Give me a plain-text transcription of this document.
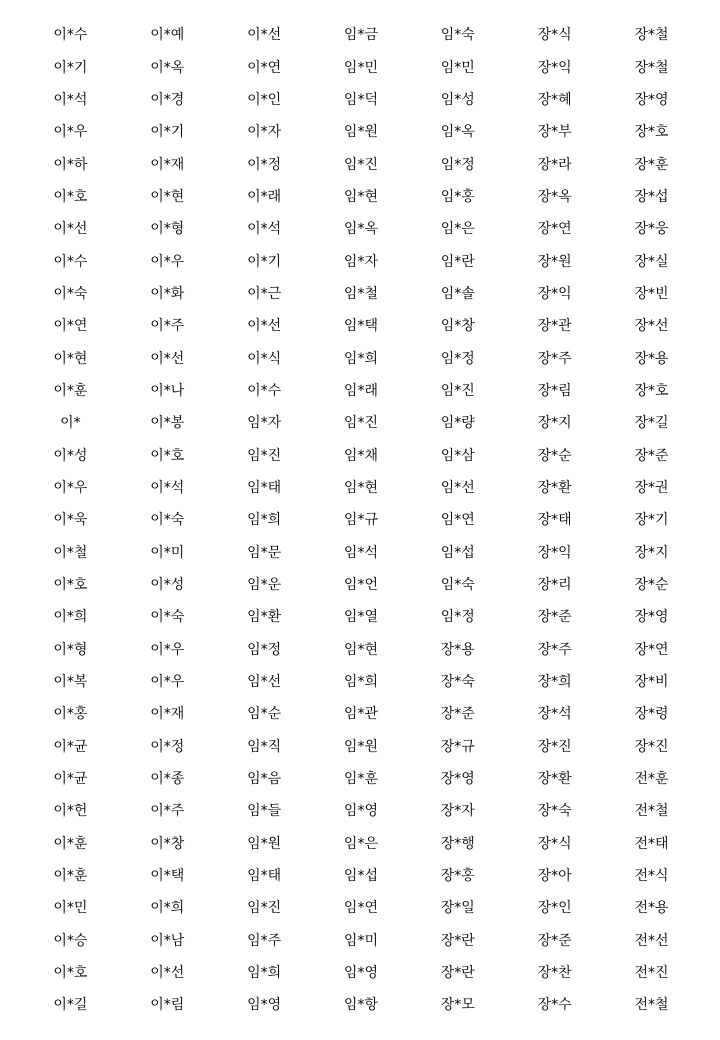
이*수	이*예	이*선	임*금	임*숙	장*식	장*철
이*기	이*옥	이*연	임*민	임*민	장*익	장*철
이*석	이*경	이*인	임*덕	임*성	장*혜	장*영
이*우	이*기	이*자	임*원	임*옥	장*부	장*호
이*하	이*재	이*정	임*진	임*정	장*라	장*훈
이*호	이*현	이*래	임*현	임*홍	장*옥	장*섭
이*선	이*형	이*석	임*옥	임*은	장*연	장*웅
이*수	이*우	이*기	임*자	임*란	장*원	장*실
이*숙	이*화	이*근	임*철	임*솔	장*익	장*빈
이*연	이*주	이*선	임*택	임*창	장*관	장*선
이*현	이*선	이*식	임*희	임*정	장*주	장*용
이*훈	이*나	이*수	임*래	임*진	장*림	장*호
이*	이*봉	임*자	임*진	임*량	장*지	장*길
이*성	이*호	임*진	임*채	임*삼	장*순	장*준
이*우	이*석	임*태	임*현	임*선	장*환	장*권
이*욱	이*숙	임*희	임*규	임*연	장*태	장*기
이*철	이*미	임*문	임*석	임*섭	장*익	장*지
이*호	이*성	임*운	임*언	임*숙	장*리	장*순
이*희	이*숙	임*환	임*열	임*정	장*준	장*영
이*형	이*우	임*정	임*현	장*용	장*주	장*연
이*복	이*우	임*선	임*희	장*숙	장*희	장*비
이*홍	이*재	임*순	임*관	장*준	장*석	장*령
이*균	이*정	임*직	임*원	장*규	장*진	장*진
이*균	이*종	임*음	임*훈	장*영	장*환	전*훈
이*헌	이*주	임*들	임*영	장*자	장*숙	전*철
이*훈	이*창	임*원	임*은	장*행	장*식	전*태
이*훈	이*택	임*태	임*섭	장*홍	장*아	전*식
이*민	이*희	임*진	임*연	장*일	장*인	전*용
이*승	이*남	임*주	임*미	장*란	장*준	전*선
이*호	이*선	임*희	임*영	장*란	장*찬	전*진
이*길	이*림	임*영	임*항	장*모	장*수	전*철
